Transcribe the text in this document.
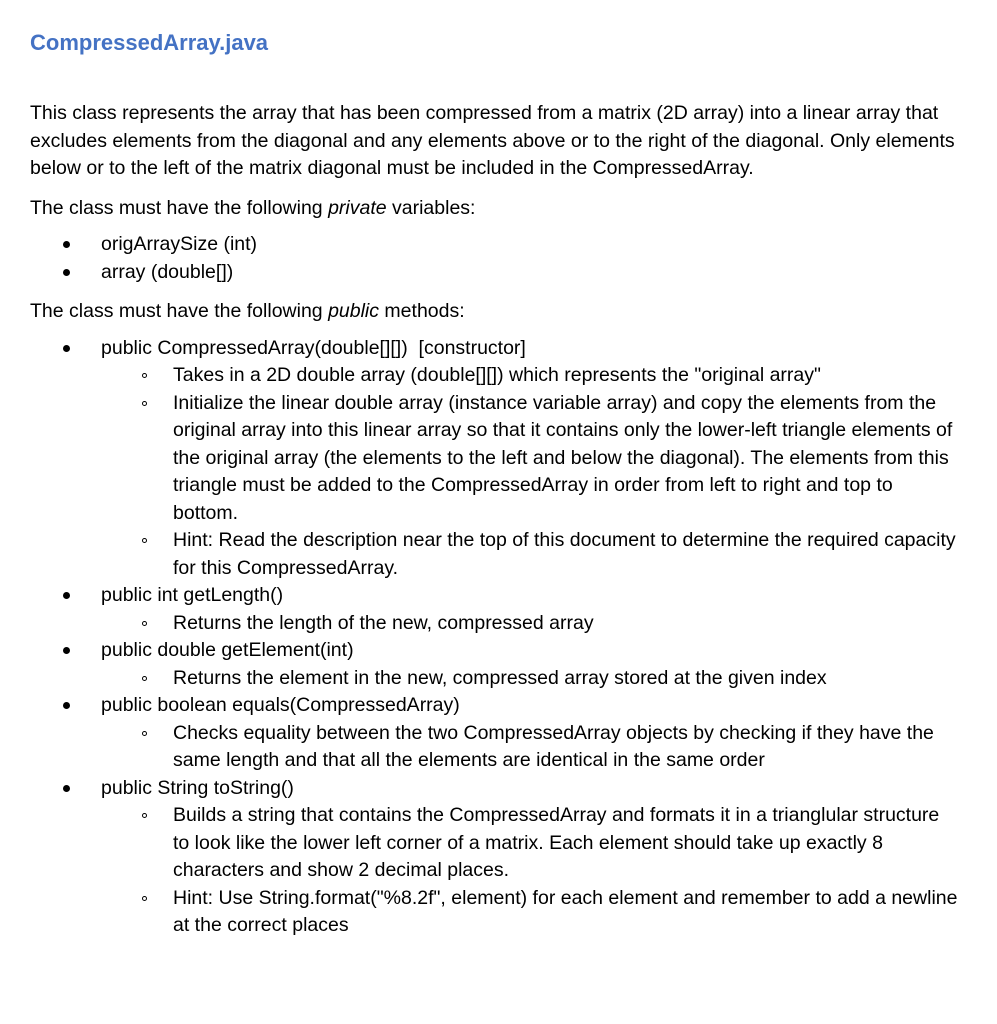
CompressedArray.java

This class represents the array that has been compressed from a matrix (2D array) into a linear array that excludes elements from the diagonal and any elements above or to the right of the diagonal. Only elements below or to the left of the matrix diagonal must be included in the CompressedArray.

The class must have the following private variables:

origArraySize (int)
array (double[])

The class must have the following public methods:

public CompressedArray(double[][])  [constructor]
Takes in a 2D double array (double[][]) which represents the "original array"
Initialize the linear double array (instance variable array) and copy the elements from the original array into this linear array so that it contains only the lower-left triangle elements of the original array (the elements to the left and below the diagonal). The elements from this triangle must be added to the CompressedArray in order from left to right and top to bottom.
Hint: Read the description near the top of this document to determine the required capacity for this CompressedArray.
public int getLength()
Returns the length of the new, compressed array
public double getElement(int)
Returns the element in the new, compressed array stored at the given index
public boolean equals(CompressedArray)
Checks equality between the two CompressedArray objects by checking if they have the same length and that all the elements are identical in the same order
public String toString()
Builds a string that contains the CompressedArray and formats it in a trianglular structure to look like the lower left corner of a matrix. Each element should take up exactly 8 characters and show 2 decimal places.
Hint: Use String.format("%8.2f", element) for each element and remember to add a newline at the correct places
